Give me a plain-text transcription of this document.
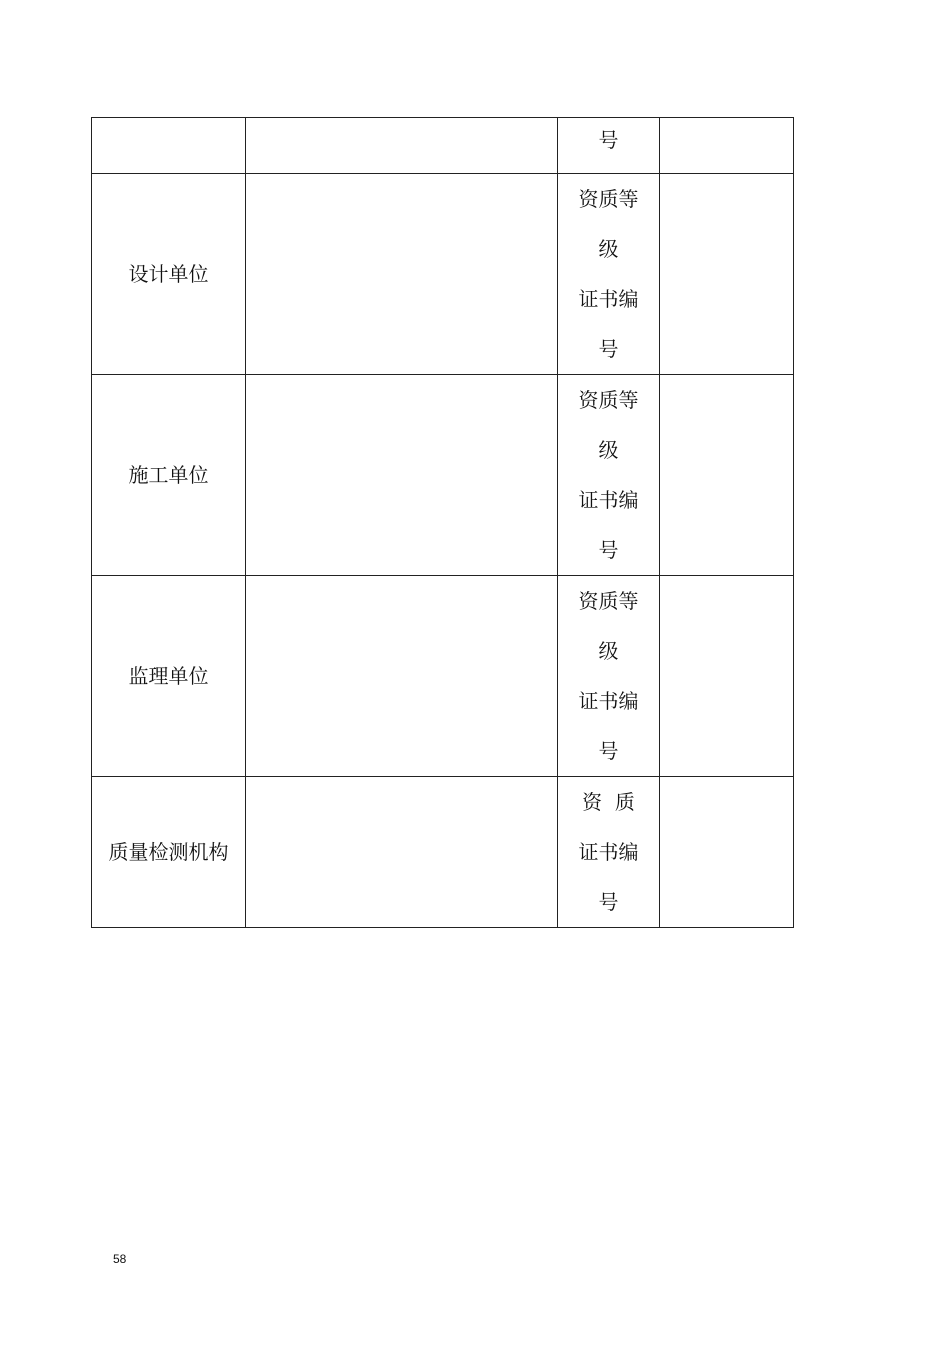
		号	

设计单位		资质等
级
证书编
号	

施工单位		资质等
级
证书编
号	

监理单位		资质等
级
证书编
号	

质量检测机构		资  质
证书编
号	

58
